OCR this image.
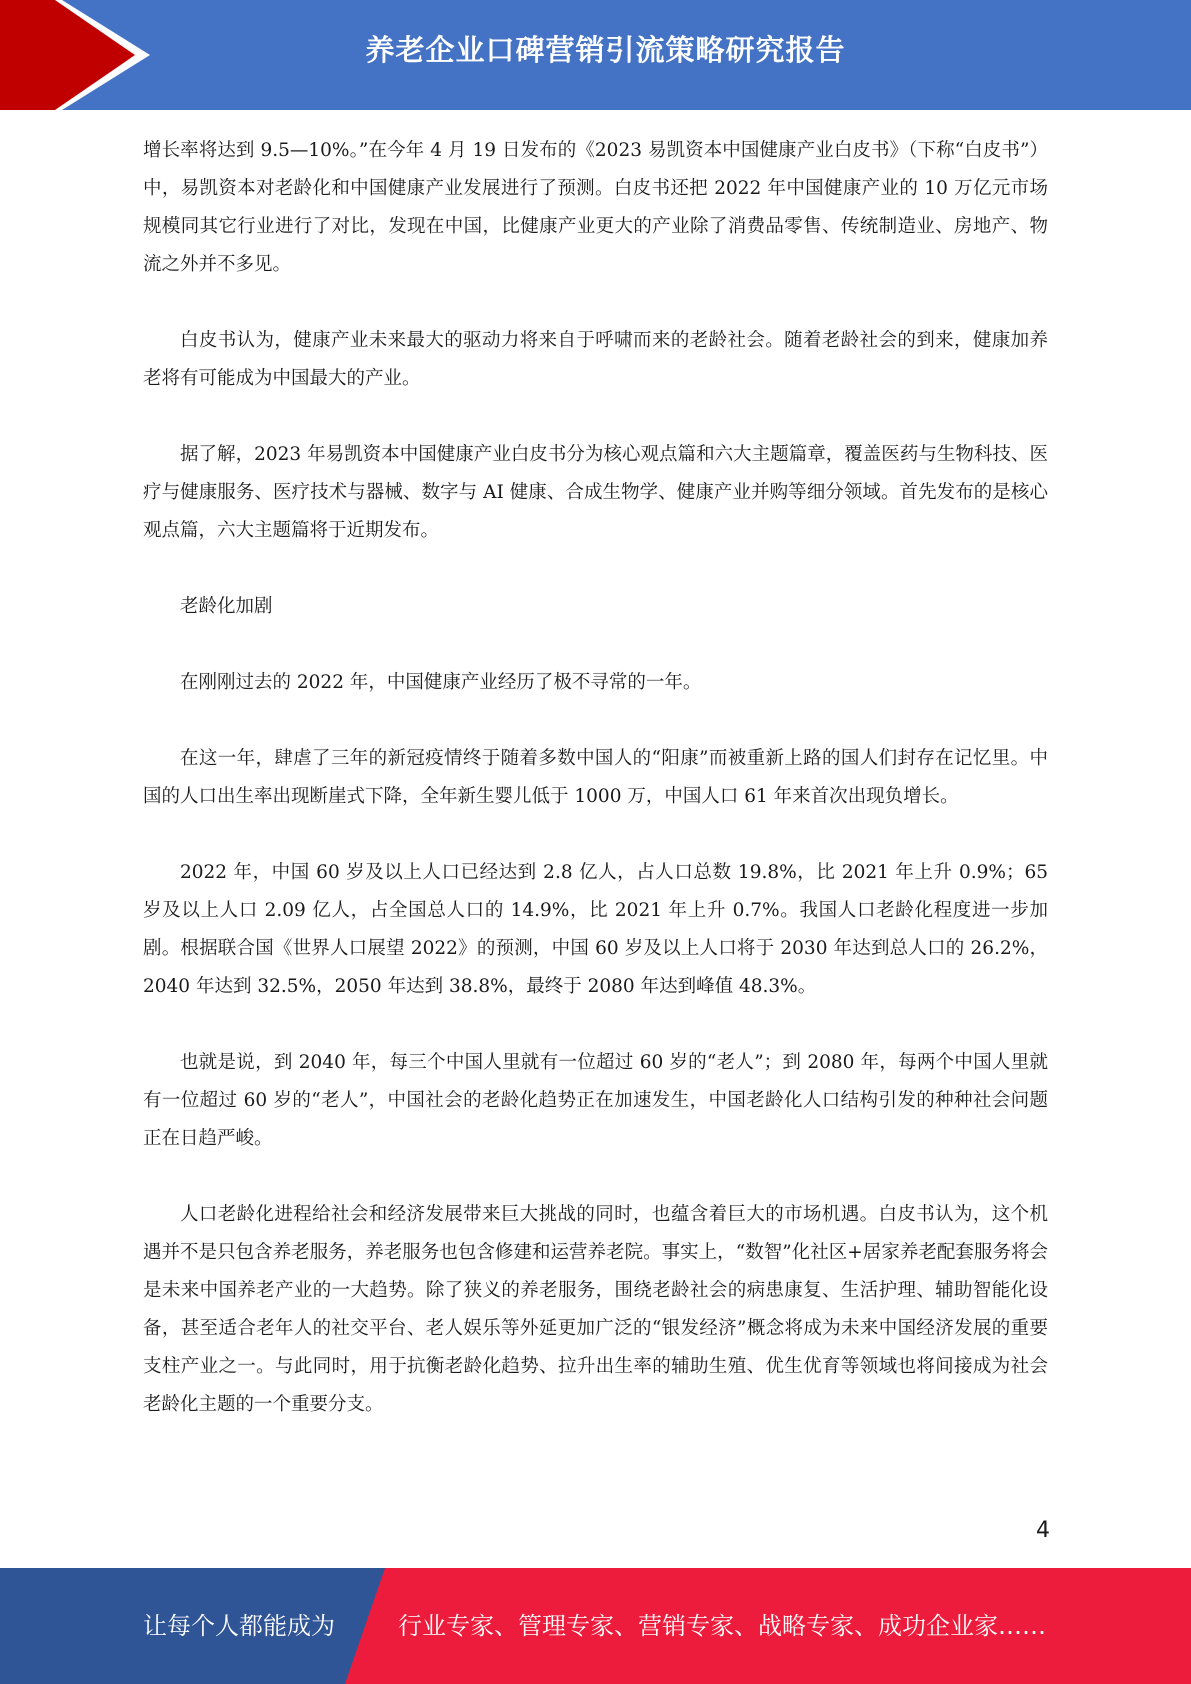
养老企业口碑营销引流策略研究报告

增长率将达到 9.5—10%。”在今年 4 月 19 日发布的《2023 易凯资本中国健康产业白皮书》（下称“白皮书”）中，易凯资本对老龄化和中国健康产业发展进行了预测。白皮书还把 2022 年中国健康产业的 10 万亿元市场规模同其它行业进行了对比，发现在中国，比健康产业更大的产业除了消费品零售、传统制造业、房地产、物流之外并不多见。

白皮书认为，健康产业未来最大的驱动力将来自于呼啸而来的老龄社会。随着老龄社会的到来，健康加养老将有可能成为中国最大的产业。

据了解，2023 年易凯资本中国健康产业白皮书分为核心观点篇和六大主题篇章，覆盖医药与生物科技、医疗与健康服务、医疗技术与器械、数字与 AI 健康、合成生物学、健康产业并购等细分领域。首先发布的是核心观点篇，六大主题篇将于近期发布。

老龄化加剧

在刚刚过去的 2022 年，中国健康产业经历了极不寻常的一年。

在这一年，肆虐了三年的新冠疫情终于随着多数中国人的“阳康”而被重新上路的国人们封存在记忆里。中国的人口出生率出现断崖式下降，全年新生婴儿低于 1000 万，中国人口 61 年来首次出现负增长。

2022 年，中国 60 岁及以上人口已经达到 2.8 亿人，占人口总数 19.8%，比 2021 年上升 0.9%；65 岁及以上人口 2.09 亿人，占全国总人口的 14.9%，比 2021 年上升 0.7%。我国人口老龄化程度进一步加剧。根据联合国《世界人口展望 2022》的预测，中国 60 岁及以上人口将于 2030 年达到总人口的 26.2%，2040 年达到 32.5%，2050 年达到 38.8%，最终于 2080 年达到峰值 48.3%。

也就是说，到 2040 年，每三个中国人里就有一位超过 60 岁的“老人”；到 2080 年，每两个中国人里就有一位超过 60 岁的“老人”，中国社会的老龄化趋势正在加速发生，中国老龄化人口结构引发的种种社会问题正在日趋严峻。

人口老龄化进程给社会和经济发展带来巨大挑战的同时，也蕴含着巨大的市场机遇。白皮书认为，这个机遇并不是只包含养老服务，养老服务也包含修建和运营养老院。事实上，“数智”化社区+居家养老配套服务将会是未来中国养老产业的一大趋势。除了狭义的养老服务，围绕老龄社会的病患康复、生活护理、辅助智能化设备，甚至适合老年人的社交平台、老人娱乐等外延更加广泛的“银发经济”概念将成为未来中国经济发展的重要支柱产业之一。与此同时，用于抗衡老龄化趋势、拉升出生率的辅助生殖、优生优育等领域也将间接成为社会老龄化主题的一个重要分支。

4
让每个人都能成为	行业专家、管理专家、营销专家、战略专家、成功企业家……
